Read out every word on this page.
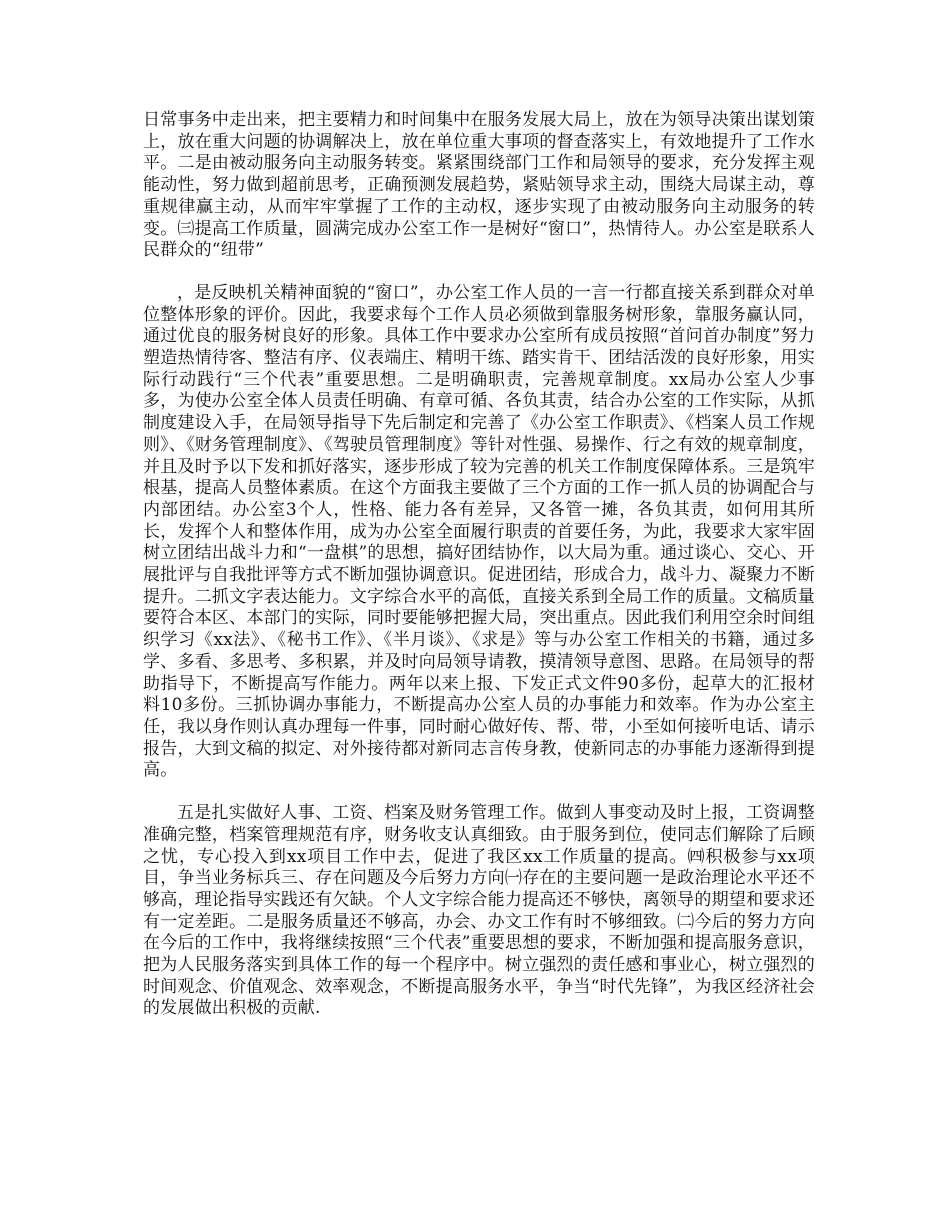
日常事务中走出来，把主要精力和时间集中在服务发展大局上，放在为领导决策出谋划策上，放在重大问题的协调解决上，放在单位重大事项的督查落实上，有效地提升了工作水平。二是由被动服务向主动服务转变。紧紧围绕部门工作和局领导的要求，充分发挥主观能动性，努力做到超前思考，正确预测发展趋势，紧贴领导求主动，围绕大局谋主动，尊重规律赢主动，从而牢牢掌握了工作的主动权，逐步实现了由被动服务向主动服务的转变。㈢提高工作质量，圆满完成办公室工作一是树好“窗口”，热情待人。办公室是联系人民群众的“纽带”

，是反映机关精神面貌的“窗口”，办公室工作人员的一言一行都直接关系到群众对单位整体形象的评价。因此，我要求每个工作人员必须做到靠服务树形象，靠服务赢认同，通过优良的服务树良好的形象。具体工作中要求办公室所有成员按照“首问首办制度”努力塑造热情待客、整洁有序、仪表端庄、精明干练、踏实肯干、团结活泼的良好形象，用实际行动践行“三个代表”重要思想。二是明确职责，完善规章制度。xx局办公室人少事多，为使办公室全体人员责任明确、有章可循、各负其责，结合办公室的工作实际，从抓制度建设入手，在局领导指导下先后制定和完善了《办公室工作职责》、《档案人员工作规则》、《财务管理制度》、《驾驶员管理制度》等针对性强、易操作、行之有效的规章制度，并且及时予以下发和抓好落实，逐步形成了较为完善的机关工作制度保障体系。三是筑牢根基，提高人员整体素质。在这个方面我主要做了三个方面的工作一抓人员的协调配合与内部团结。办公室3个人，性格、能力各有差异，又各管一摊，各负其责，如何用其所长，发挥个人和整体作用，成为办公室全面履行职责的首要任务，为此，我要求大家牢固树立团结出战斗力和“一盘棋”的思想，搞好团结协作，以大局为重。通过谈心、交心、开展批评与自我批评等方式不断加强协调意识。促进团结，形成合力，战斗力、凝聚力不断提升。二抓文字表达能力。文字综合水平的高低，直接关系到全局工作的质量。文稿质量要符合本区、本部门的实际，同时要能够把握大局，突出重点。因此我们利用空余时间组织学习《xx法》、《秘书工作》、《半月谈》、《求是》等与办公室工作相关的书籍，通过多学、多看、多思考、多积累，并及时向局领导请教，摸清领导意图、思路。在局领导的帮助指导下，不断提高写作能力。两年以来上报、下发正式文件90多份，起草大的汇报材料10多份。三抓协调办事能力，不断提高办公室人员的办事能力和效率。作为办公室主任，我以身作则认真办理每一件事，同时耐心做好传、帮、带，小至如何接听电话、请示报告，大到文稿的拟定、对外接待都对新同志言传身教，使新同志的办事能力逐渐得到提高。

五是扎实做好人事、工资、档案及财务管理工作。做到人事变动及时上报，工资调整准确完整，档案管理规范有序，财务收支认真细致。由于服务到位，使同志们解除了后顾之忧，专心投入到xx项目工作中去，促进了我区xx工作质量的提高。㈣积极参与xx项目，争当业务标兵三、存在问题及今后努力方向㈠存在的主要问题一是政治理论水平还不够高，理论指导实践还有欠缺。个人文字综合能力提高还不够快，离领导的期望和要求还有一定差距。二是服务质量还不够高，办会、办文工作有时不够细致。㈡今后的努力方向在今后的工作中，我将继续按照“三个代表”重要思想的要求，不断加强和提高服务意识，把为人民服务落实到具体工作的每一个程序中。树立强烈的责任感和事业心，树立强烈的时间观念、价值观念、效率观念，不断提高服务水平，争当“时代先锋”，为我区经济社会的发展做出积极的贡献.
